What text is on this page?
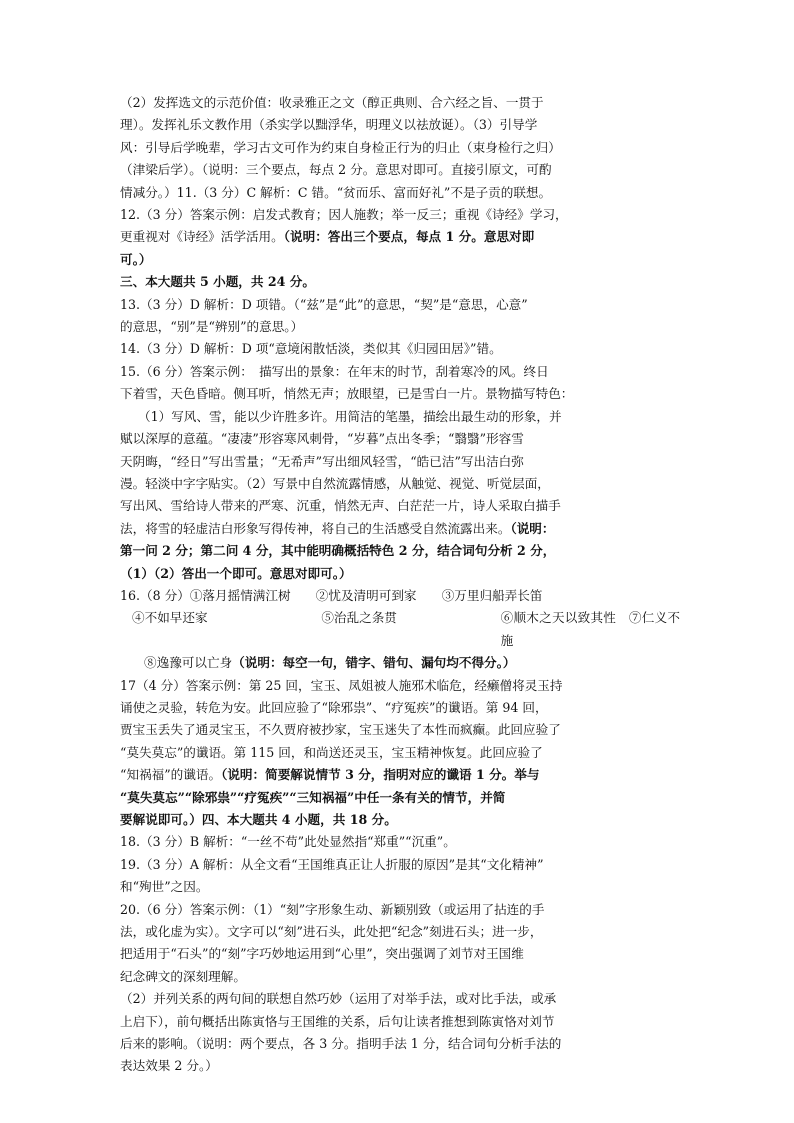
（2）发挥选文的示范价值：收录雅正之文（醇正典则、合六经之旨、一贯于

理）。发挥礼乐文教作用（杀实学以黜浮华，明理义以祛放诞）。（3）引导学

风：引导后学晚辈，学习古文可作为约束自身检正行为的归止（束身检行之归）

（津梁后学）。（说明：三个要点，每点 2 分。意思对即可。直接引原文，可酌

情减分。）11.（3 分）C 解析：C 错。“贫而乐、富而好礼”不是子贡的联想。

12.（3 分）答案示例：启发式教育；因人施教；举一反三；重视《诗经》学习，

更重视对《诗经》活学活用。（说明：答出三个要点，每点 1 分。意思对即

可。）

三、本大题共 5 小题，共 24 分。

13.（3 分）D 解析：D 项错。（“兹”是“此”的意思，“契”是“意思，心意”

的意思，“别”是“辨别”的意思。）

14.（3 分）D 解析：D 项“意境闲散恬淡，类似其《归园田居》”错。

15.（6 分）答案示例：　描写出的景象：在年末的时节，刮着寒冷的风。终日

下着雪，天色昏暗。侧耳听，悄然无声；放眼望，已是雪白一片。景物描写特色：

（1）写风、雪，能以少许胜多许。用简洁的笔墨，描绘出最生动的形象，并

赋以深厚的意蕴。“凄凄”形容寒风刺骨，“岁暮”点出冬季；“翳翳”形容雪

天阴晦，“经日”写出雪量；“无希声”写出细风轻雪，“皓已洁”写出洁白弥

漫。轻淡中字字贴实。（2）写景中自然流露情感，从触觉、视觉、听觉层面，

写出风、雪给诗人带来的严寒、沉重，悄然无声、白茫茫一片，诗人采取白描手

法，将雪的轻虚洁白形象写得传神，将自己的生活感受自然流露出来。（说明：

第一问 2 分；第二问 4 分，其中能明确概括特色 2 分，结合词句分析 2 分，

（1）（2）答出一个即可。意思对即可。）

16.（8 分）①落月摇情满江树　　②忧及清明可到家　　③万里归船弄长笛

④不如早还家	⑤治乱之条贯	⑥顺木之天以致其性　⑦仁义不施

⑧逸豫可以亡身（说明：每空一句，错字、错句、漏句均不得分。）

17（4 分）答案示例：第 25 回，宝玉、凤姐被人施邪术临危，经癞僧将灵玉持

诵使之灵验，转危为安。此回应验了“除邪祟”、“疗冤疾”的谶语。第 94 回，

贾宝玉丢失了通灵宝玉，不久贾府被抄家，宝玉迷失了本性而疯癫。此回应验了

“莫失莫忘”的谶语。第 115 回，和尚送还灵玉，宝玉精神恢复。此回应验了

“知祸福”的谶语。（说明：简要解说情节 3 分，指明对应的谶语 1 分。举与

“莫失莫忘”“除邪祟”“疗冤疾”“三知祸福”中任一条有关的情节，并简

要解说即可。）四、本大题共 4 小题，共 18 分。

18.（3 分）B 解析：“一丝不苟”此处显然指“郑重”“沉重”。

19.（3 分）A 解析：从全文看“王国维真正让人折服的原因”是其“文化精神”

和“殉世”之因。

20.（6 分）答案示例：（1）“刻”字形象生动、新颖别致（或运用了拈连的手

法，或化虚为实）。文字可以“刻”进石头，此处把“纪念”刻进石头；进一步，

把适用于“石头”的“刻”字巧妙地运用到“心里”，突出强调了刘节对王国维

纪念碑文的深刻理解。

（2）并列关系的两句间的联想自然巧妙（运用了对举手法，或对比手法，或承

上启下），前句概括出陈寅恪与王国维的关系，后句让读者推想到陈寅恪对刘节

后来的影响。（说明：两个要点，各 3 分。指明手法 1 分，结合词句分析手法的

表达效果 2 分。）
